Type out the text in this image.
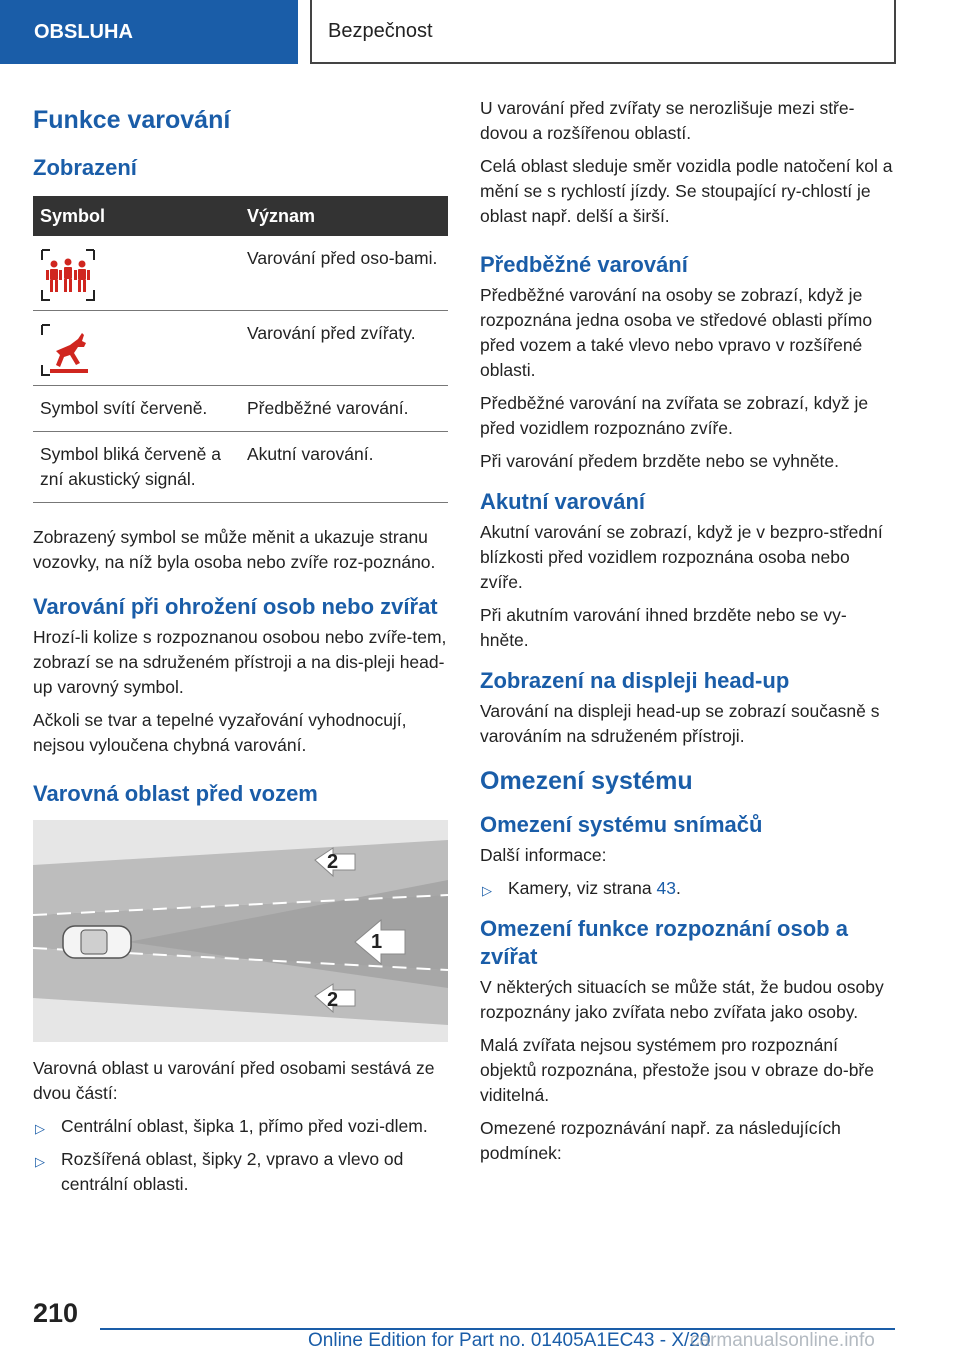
OBSLUHA	Bezpečnost
Funkce varování
Zobrazení
Symbol	Význam

	Varování před oso-bami.

	Varování před zvířaty.
Symbol svítí červeně.	Předběžné varování.
Symbol bliká červeně a zní akustický signál.	Akutní varování.

Zobrazený symbol se může měnit a ukazuje stranu vozovky, na níž byla osoba nebo zvíře roz-poznáno.

Varování při ohrožení osob nebo zvířat

Hrozí-li kolize s rozpoznanou osobou nebo zvíře-tem, zobrazí se na sdruženém přístroji a na dis-pleji head-up varovný symbol.

Ačkoli se tvar a tepelné vyzařování vyhodnocují, nejsou vyloučena chybná varování.

Varovná oblast před vozem
1
2
2

Varovná oblast u varování před osobami sestává ze dvou částí:

▷ Centrální oblast, šipka 1, přímo před vozi-dlem.
▷ Rozšířená oblast, šipky 2, vpravo a vlevo od centrální oblasti.

U varování před zvířaty se nerozlišuje mezi stře-dovou a rozšířenou oblastí.

Celá oblast sleduje směr vozidla podle natočení kol a mění se s rychlostí jízdy. Se stoupající ry-chlostí je oblast např. delší a širší.

Předběžné varování

Předběžné varování na osoby se zobrazí, když je rozpoznána jedna osoba ve středové oblasti přímo před vozem a také vlevo nebo vpravo v rozšířené oblasti.

Předběžné varování na zvířata se zobrazí, když je před vozidlem rozpoznáno zvíře.

Při varování předem brzděte nebo se vyhněte.

Akutní varování

Akutní varování se zobrazí, když je v bezpro-střední blízkosti před vozidlem rozpoznána osoba nebo zvíře.

Při akutním varování ihned brzděte nebo se vy-hněte.

Zobrazení na displeji head-up

Varování na displeji head-up se zobrazí současně s varováním na sdruženém přístroji.

Omezení systému
Omezení systému snímačů

Další informace:

▷ Kamery, viz strana 43.
Omezení funkce rozpoznání osob a zvířat

V některých situacích se může stát, že budou osoby rozpoznány jako zvířata nebo zvířata jako osoby.

Malá zvířata nejsou systémem pro rozpoznání objektů rozpoznána, přestože jsou v obraze do-bře viditelná.

Omezené rozpoznávání např. za následujících podmínek:

210
Online Edition for Part no. 01405A1EC43 - X/20
carmanualsonline.info
